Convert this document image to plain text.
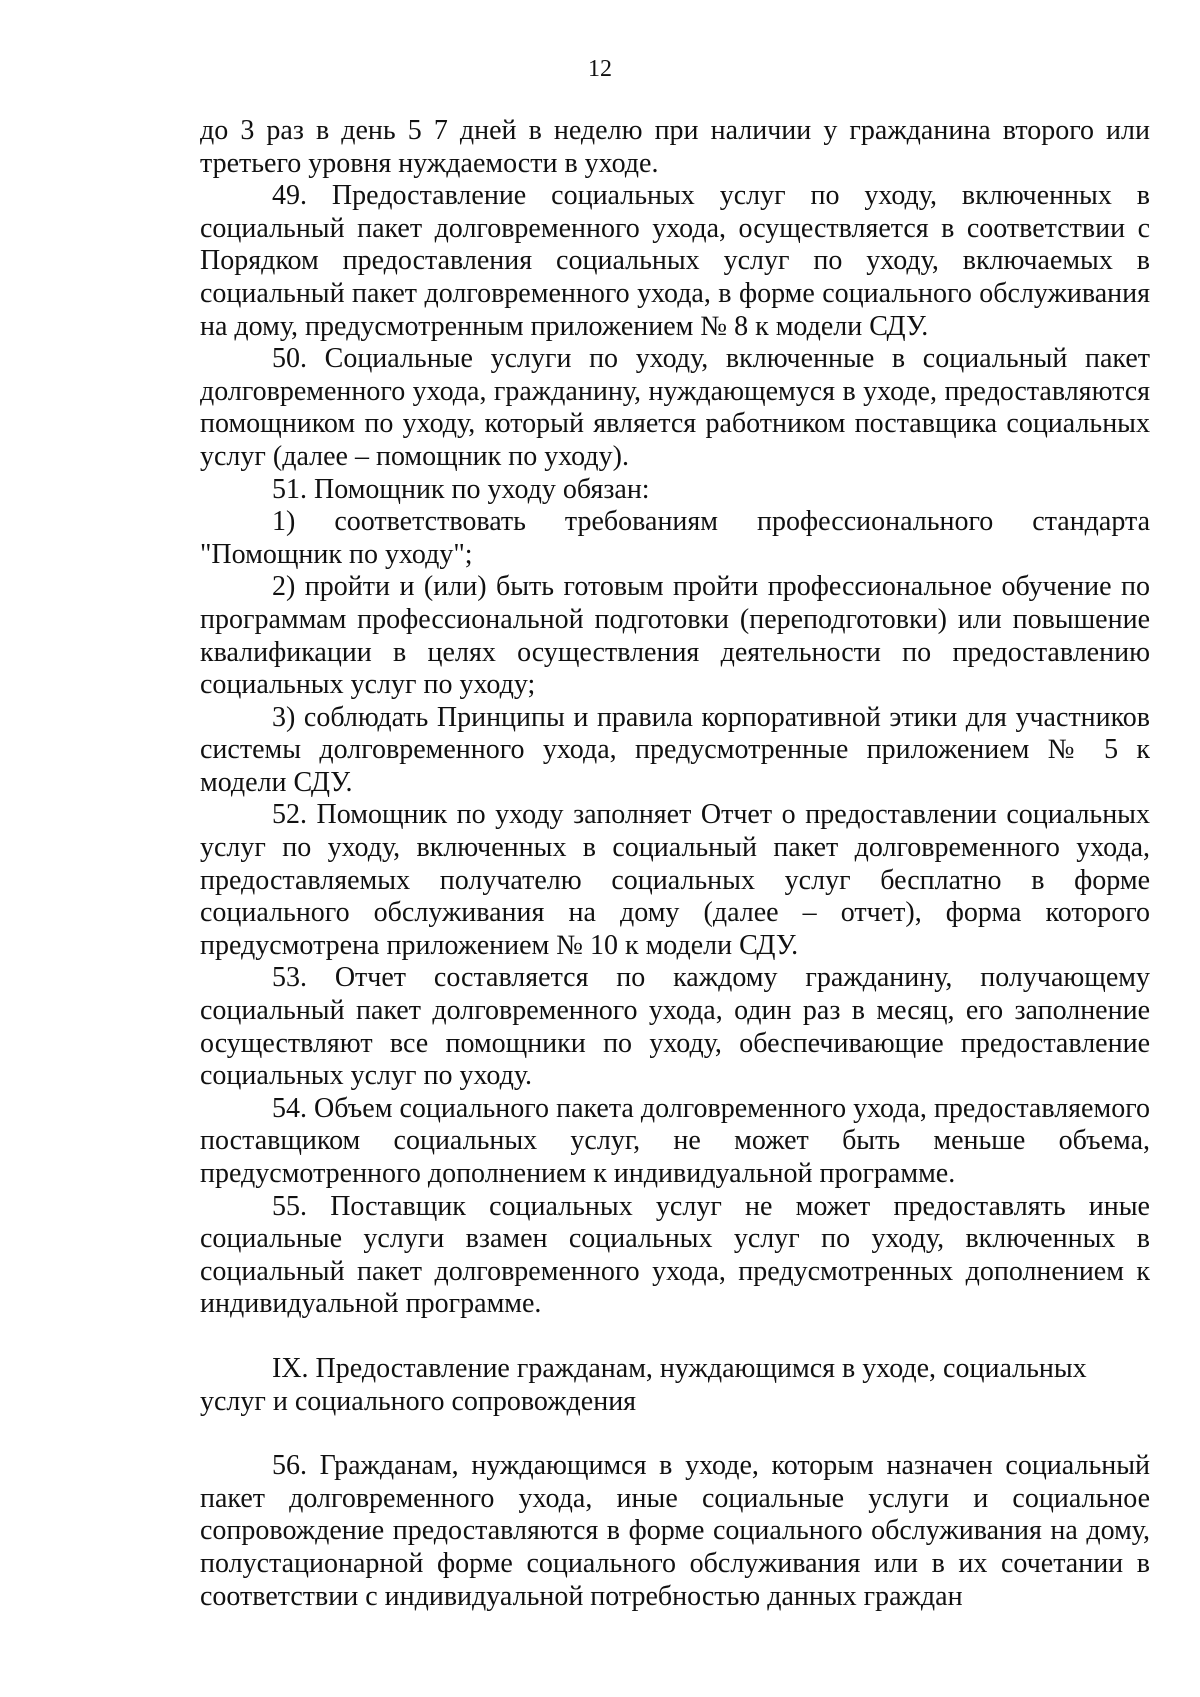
12

до 3 раз в день 5 7 дней в неделю при наличии у гражданина второго или третьего уровня нуждаемости в уходе.

49. Предоставление социальных услуг по уходу, включенных в социальный пакет долговременного ухода, осуществляется в соответствии с Порядком предоставления социальных услуг по уходу, включаемых в социальный пакет долговременного ухода, в форме социального обслуживания на дому, предусмотренным приложением № 8 к модели СДУ.

50. Социальные услуги по уходу, включенные в социальный пакет долговременного ухода, гражданину, нуждающемуся в уходе, предоставляются помощником по уходу, который является работником поставщика социальных услуг (далее – помощник по уходу).

51. Помощник по уходу обязан:

1) соответствовать требованиям профессионального стандарта "Помощник по уходу";

2) пройти и (или) быть готовым пройти профессиональное обучение по программам профессиональной подготовки (переподготовки) или повышение квалификации в целях осуществления деятельности по предоставлению социальных услуг по уходу;

3) соблюдать Принципы и правила корпоративной этики для участников системы долговременного ухода, предусмотренные приложением № 5 к модели СДУ.

52. Помощник по уходу заполняет Отчет о предоставлении социальных услуг по уходу, включенных в социальный пакет долговременного ухода, предоставляемых получателю социальных услуг бесплатно в форме социального обслуживания на дому (далее – отчет), форма которого предусмотрена приложением № 10 к модели СДУ.

53. Отчет составляется по каждому гражданину, получающему социальный пакет долговременного ухода, один раз в месяц, его заполнение осуществляют все помощники по уходу, обеспечивающие предоставление социальных услуг по уходу.

54. Объем социального пакета долговременного ухода, предоставляемого поставщиком социальных услуг, не может быть меньше объема, предусмотренного дополнением к индивидуальной программе.

55. Поставщик социальных услуг не может предоставлять иные социальные услуги взамен социальных услуг по уходу, включенных в социальный пакет долговременного ухода, предусмотренных дополнением к индивидуальной программе.

IX. Предоставление гражданам, нуждающимся в уходе, социальных услуг и социального сопровождения

56. Гражданам, нуждающимся в уходе, которым назначен социальный пакет долговременного ухода, иные социальные услуги и социальное сопровождение предоставляются в форме социального обслуживания на дому, полустационарной форме социального обслуживания или в их сочетании в соответствии с индивидуальной потребностью данных граждан
